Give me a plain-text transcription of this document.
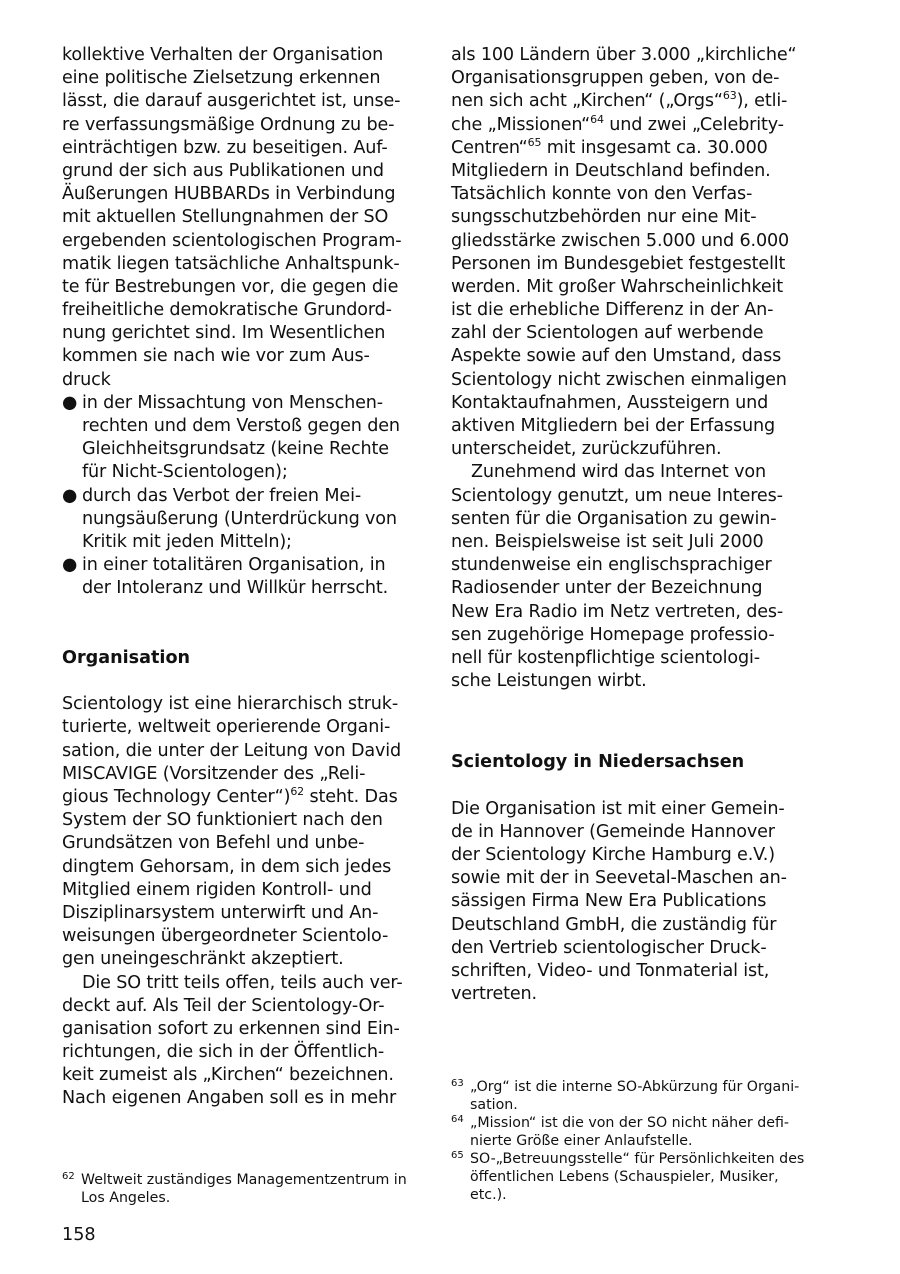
kollektive Verhalten der Organisation
eine politische Zielsetzung erkennen
lässt, die darauf ausgerichtet ist, unse-
re verfassungsmäßige Ordnung zu be-
einträchtigen bzw. zu beseitigen. Auf-
grund der sich aus Publikationen und
Äußerungen HUBBARDs in Verbindung
mit aktuellen Stellungnahmen der SO
ergebenden scientologischen Program-
matik liegen tatsächliche Anhaltspunk-
te für Bestrebungen vor, die gegen die
freiheitliche demokratische Grundord-
nung gerichtet sind. Im Wesentlichen
kommen sie nach wie vor zum Aus-
druck
● in der Missachtung von Menschen-
rechten und dem Verstoß gegen den
Gleichheitsgrundsatz (keine Rechte
für Nicht-Scientologen);
● durch das Verbot der freien Mei-
nungsäußerung (Unterdrückung von
Kritik mit jeden Mitteln);
● in einer totalitären Organisation, in
der Intoleranz und Willkür herrscht.
Organisation
Scientology ist eine hierarchisch struk-
turierte, weltweit operierende Organi-
sation, die unter der Leitung von David
MISCAVIGE (Vorsitzender des „Reli-
gious Technology Center“)$^{62}$ steht. Das
System der SO funktioniert nach den
Grundsätzen von Befehl und unbe-
dingtem Gehorsam, in dem sich jedes
Mitglied einem rigiden Kontroll- und
Disziplinarsystem unterwirft und An-
weisungen übergeordneter Scientolo-
gen uneingeschränkt akzeptiert.
Die SO tritt teils offen, teils auch ver-
deckt auf. Als Teil der Scientology-Or-
ganisation sofort zu erkennen sind Ein-
richtungen, die sich in der Öffentlich-
keit zumeist als „Kirchen“ bezeichnen.
Nach eigenen Angaben soll es in mehr
62 Weltweit zuständiges Managementzentrum in
Los Angeles.
als 100 Ländern über 3.000 „kirchliche“
Organisationsgruppen geben, von de-
nen sich acht „Kirchen“ („Orgs“$^{63}$), etli-
che „Missionen“$^{64}$ und zwei „Celebrity-
Centren“$^{65}$ mit insgesamt ca. 30.000
Mitgliedern in Deutschland befinden.
Tatsächlich konnte von den Verfas-
sungsschutzbehörden nur eine Mit-
gliedsstärke zwischen 5.000 und 6.000
Personen im Bundesgebiet festgestellt
werden. Mit großer Wahrscheinlichkeit
ist die erhebliche Differenz in der An-
zahl der Scientologen auf werbende
Aspekte sowie auf den Umstand, dass
Scientology nicht zwischen einmaligen
Kontaktaufnahmen, Aussteigern und
aktiven Mitgliedern bei der Erfassung
unterscheidet, zurückzuführen.
Zunehmend wird das Internet von
Scientology genutzt, um neue Interes-
senten für die Organisation zu gewin-
nen. Beispielsweise ist seit Juli 2000
stundenweise ein englischsprachiger
Radiosender unter der Bezeichnung
New Era Radio im Netz vertreten, des-
sen zugehörige Homepage professio-
nell für kostenpflichtige scientologi-
sche Leistungen wirbt.
Scientology in Niedersachsen
Die Organisation ist mit einer Gemein-
de in Hannover (Gemeinde Hannover
der Scientology Kirche Hamburg e.V.)
sowie mit der in Seevetal-Maschen an-
sässigen Firma New Era Publications
Deutschland GmbH, die zuständig für
den Vertrieb scientologischer Druck-
schriften, Video- und Tonmaterial ist,
vertreten.
63 „Org“ ist die interne SO-Abkürzung für Organi-
sation.
64 „Mission“ ist die von der SO nicht näher defi-
nierte Größe einer Anlaufstelle.
65 SO-„Betreuungsstelle“ für Persönlichkeiten des
öffentlichen Lebens (Schauspieler, Musiker,
etc.).
158
